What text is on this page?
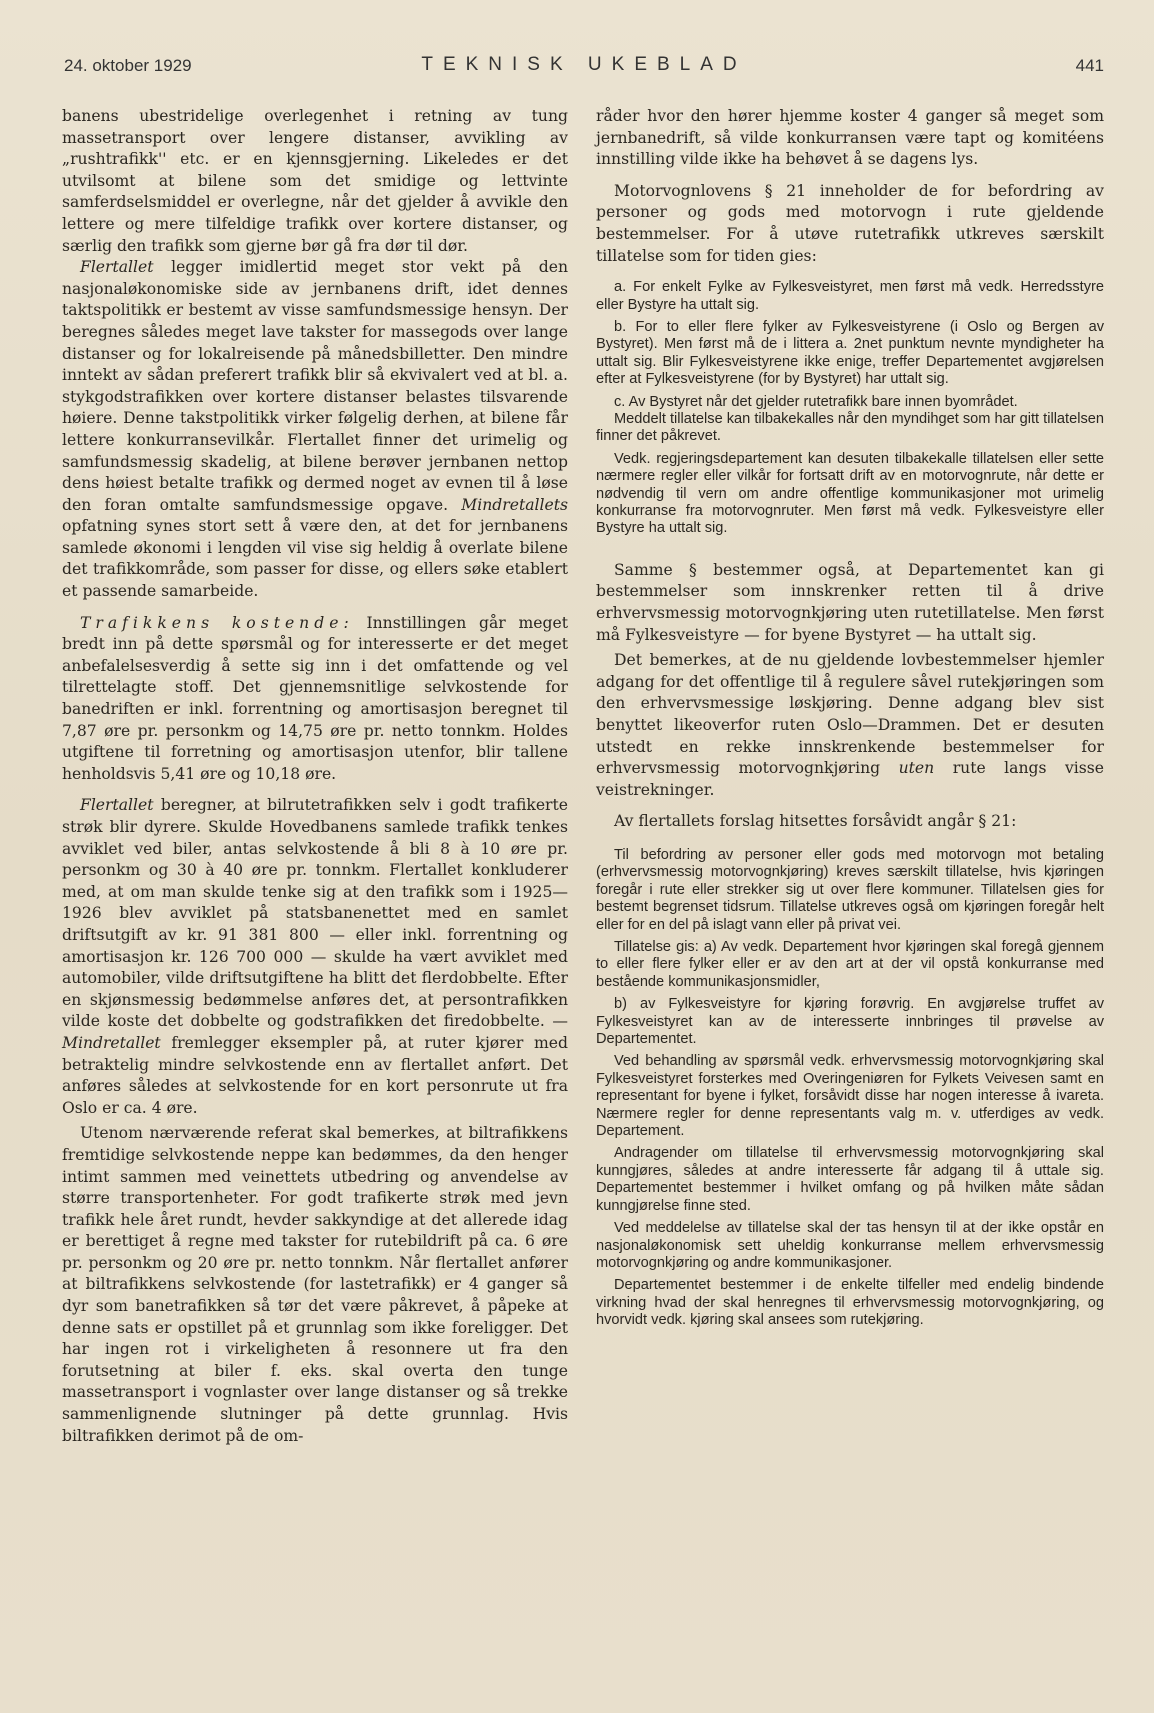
24. oktober 1929	TEKNISK UKEBLAD	441

banens ubestridelige overlegenhet i retning av tung massetransport over lengere distanser, avvikling av „rushtrafikk'' etc. er en kjennsgjerning. Likeledes er det utvilsomt at bilene som det smidige og lettvinte samferdselsmiddel er overlegne, når det gjelder å avvikle den lettere og mere tilfeldige trafikk over kortere distanser, og særlig den trafikk som gjerne bør gå fra dør til dør.

Flertallet legger imidlertid meget stor vekt på den nasjonaløkonomiske side av jernbanens drift, idet dennes taktspolitikk er bestemt av visse samfundsmessige hensyn. Der beregnes således meget lave takster for massegods over lange distanser og for lokalreisende på månedsbilletter. Den mindre inntekt av sådan preferert trafikk blir så ekvivalert ved at bl. a. stykgodstrafikken over kortere distanser belastes tilsvarende høiere. Denne takstpolitikk virker følgelig derhen, at bilene får lettere konkurransevilkår. Flertallet finner det urimelig og samfundsmessig skadelig, at bilene berøver jernbanen nettop dens høiest betalte trafikk og dermed noget av evnen til å løse den foran omtalte samfundsmessige opgave. Mindretallets opfatning synes stort sett å være den, at det for jernbanens samlede økonomi i lengden vil vise sig heldig å overlate bilene det trafikkområde, som passer for disse, og ellers søke etablert et passende samarbeide.

Trafikkens kostende: Innstillingen går meget bredt inn på dette spørsmål og for interesserte er det meget anbefalelsesverdig å sette sig inn i det omfattende og vel tilrettelagte stoff. Det gjennemsnitlige selvkostende for banedriften er inkl. forrentning og amortisasjon beregnet til 7,87 øre pr. personkm og 14,75 øre pr. netto tonnkm. Holdes utgiftene til forretning og amortisasjon utenfor, blir tallene henholdsvis 5,41 øre og 10,18 øre.

Flertallet beregner, at bilrutetrafikken selv i godt trafikerte strøk blir dyrere. Skulde Hovedbanens samlede trafikk tenkes avviklet ved biler, antas selvkostende å bli 8 à 10 øre pr. personkm og 30 à 40 øre pr. tonnkm. Flertallet konkluderer med, at om man skulde tenke sig at den trafikk som i 1925—1926 blev avviklet på statsbanenettet med en samlet driftsutgift av kr. 91 381 800 — eller inkl. forrentning og amortisasjon kr. 126 700 000 — skulde ha vært avviklet med automobiler, vilde driftsutgiftene ha blitt det flerdobbelte. Efter en skjønsmessig bedømmelse anføres det, at persontrafikken vilde koste det dobbelte og godstrafikken det firedobbelte. — Mindretallet fremlegger eksempler på, at ruter kjører med betraktelig mindre selvkostende enn av flertallet anført. Det anføres således at selvkostende for en kort personrute ut fra Oslo er ca. 4 øre.

Utenom nærværende referat skal bemerkes, at biltrafikkens fremtidige selvkostende neppe kan bedømmes, da den henger intimt sammen med veinettets utbedring og anvendelse av større transportenheter. For godt trafikerte strøk med jevn trafikk hele året rundt, hevder sakkyndige at det allerede idag er berettiget å regne med takster for rutebildrift på ca. 6 øre pr. personkm og 20 øre pr. netto tonnkm. Når flertallet anfører at biltrafikkens selvkostende (for lastetrafikk) er 4 ganger så dyr som banetrafikken så tør det være påkrevet, å påpeke at denne sats er opstillet på et grunnlag som ikke foreligger. Det har ingen rot i virkeligheten å resonnere ut fra den forutsetning at biler f. eks. skal overta den tunge massetransport i vognlaster over lange distanser og så trekke sammenlignende slutninger på dette grunnlag. Hvis biltrafikken derimot på de om-

råder hvor den hører hjemme koster 4 ganger så meget som jernbanedrift, så vilde konkurransen være tapt og komitéens innstilling vilde ikke ha behøvet å se dagens lys.

Motorvognlovens § 21 inneholder de for befordring av personer og gods med motorvogn i rute gjeldende bestemmelser. For å utøve rutetrafikk utkreves særskilt tillatelse som for tiden gies:

a. For enkelt Fylke av Fylkesveistyret, men først må vedk. Herredsstyre eller Bystyre ha uttalt sig.

b. For to eller flere fylker av Fylkesveistyrene (i Oslo og Bergen av Bystyret). Men først må de i littera a. 2net punktum nevnte myndigheter ha uttalt sig. Blir Fylkesveistyrene ikke enige, treffer Departementet avgjørelsen efter at Fylkesveistyrene (for by Bystyret) har uttalt sig.

c. Av Bystyret når det gjelder rutetrafikk bare innen byområdet.

Meddelt tillatelse kan tilbakekalles når den myndihget som har gitt tillatelsen finner det påkrevet.

Vedk. regjeringsdepartement kan desuten tilbakekalle tillatelsen eller sette nærmere regler eller vilkår for fortsatt drift av en motorvognrute, når dette er nødvendig til vern om andre offentlige kommunikasjoner mot urimelig konkurranse fra motorvognruter. Men først må vedk. Fylkesveistyre eller Bystyre ha uttalt sig.

Samme § bestemmer også, at Departementet kan gi bestemmelser som innskrenker retten til å drive erhvervsmessig motorvognkjøring uten rutetillatelse. Men først må Fylkesveistyre — for byene Bystyret — ha uttalt sig.

Det bemerkes, at de nu gjeldende lovbestemmelser hjemler adgang for det offentlige til å regulere såvel rutekjøringen som den erhvervsmessige løskjøring. Denne adgang blev sist benyttet likeoverfor ruten Oslo—Drammen. Det er desuten utstedt en rekke innskrenkende bestemmelser for erhvervsmessig motorvognkjøring uten rute langs visse veistrekninger.

Av flertallets forslag hitsettes forsåvidt angår § 21:

Til befordring av personer eller gods med motorvogn mot betaling (erhvervsmessig motorvognkjøring) kreves særskilt tillatelse, hvis kjøringen foregår i rute eller strekker sig ut over flere kommuner. Tillatelsen gies for bestemt begrenset tidsrum. Tillatelse utkreves også om kjøringen foregår helt eller for en del på islagt vann eller på privat vei.

Tillatelse gis: a) Av vedk. Departement hvor kjøringen skal foregå gjennem to eller flere fylker eller er av den art at der vil opstå konkurranse med bestående kommunikasjonsmidler,

b) av Fylkesveistyre for kjøring forøvrig. En avgjørelse truffet av Fylkesveistyret kan av de interesserte innbringes til prøvelse av Departementet.

Ved behandling av spørsmål vedk. erhvervsmessig motorvognkjøring skal Fylkesveistyret forsterkes med Overingeniøren for Fylkets Veivesen samt en representant for byene i fylket, forsåvidt disse har nogen interesse å ivareta. Nærmere regler for denne representants valg m. v. utferdiges av vedk. Departement.

Andragender om tillatelse til erhvervsmessig motorvognkjøring skal kunngjøres, således at andre interesserte får adgang til å uttale sig. Departementet bestemmer i hvilket omfang og på hvilken måte sådan kunngjørelse finne sted.

Ved meddelelse av tillatelse skal der tas hensyn til at der ikke opstår en nasjonaløkonomisk sett uheldig konkurranse mellem erhvervsmessig motorvognkjøring og andre kommunikasjoner.

Departementet bestemmer i de enkelte tilfeller med endelig bindende virkning hvad der skal henregnes til erhvervsmessig motorvognkjøring, og hvorvidt vedk. kjøring skal ansees som rutekjøring.
